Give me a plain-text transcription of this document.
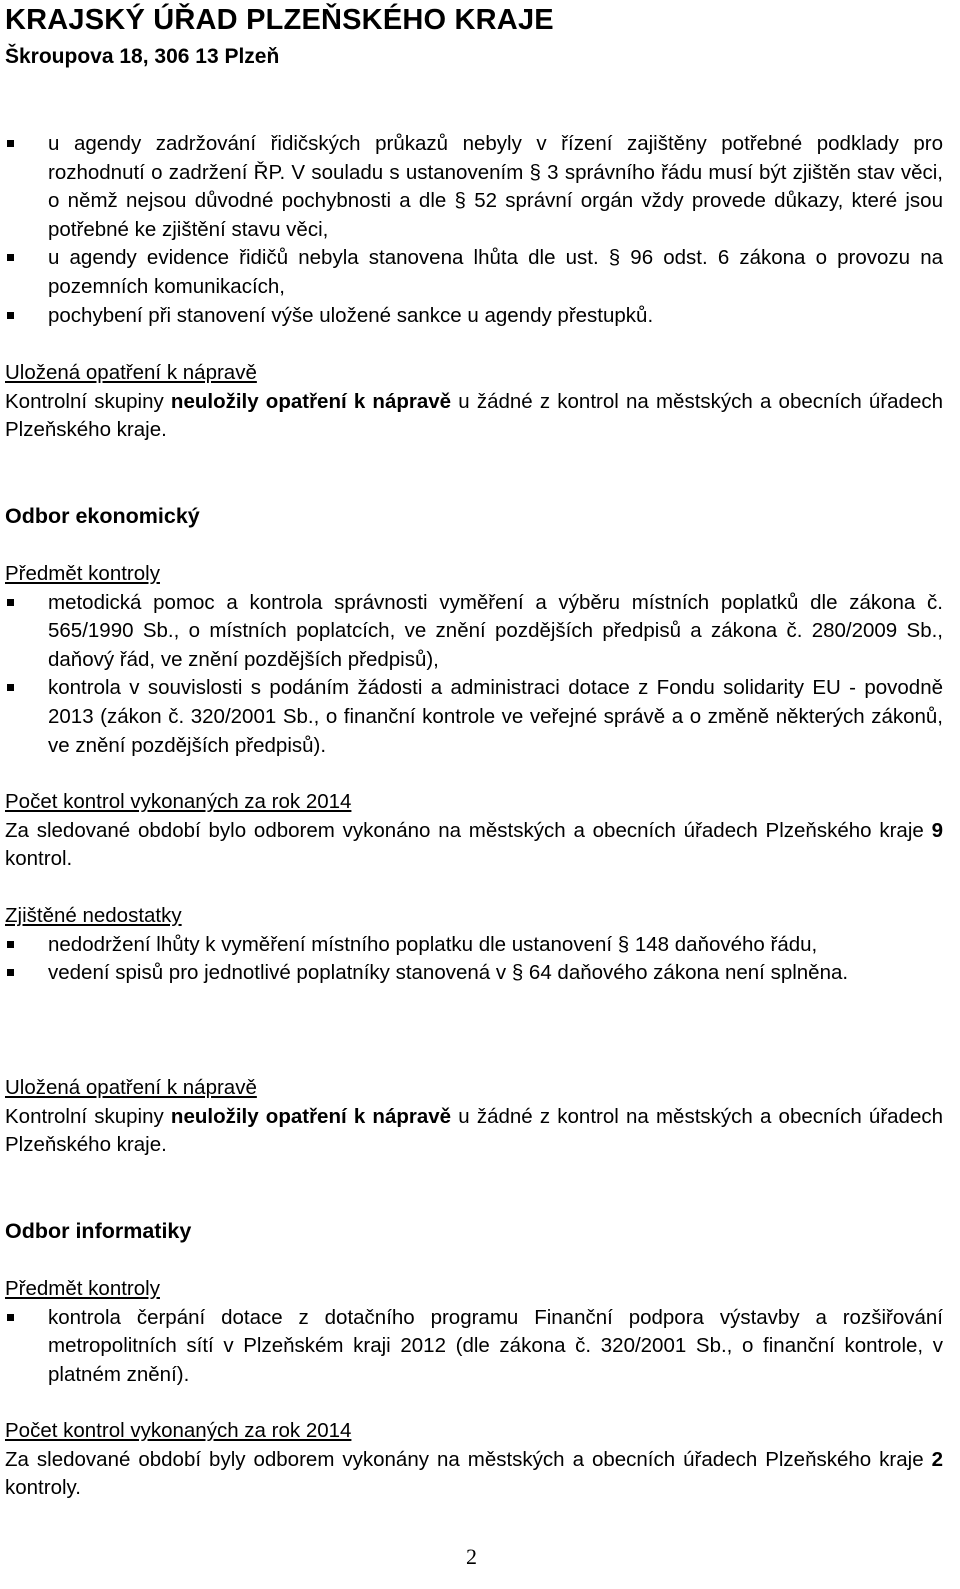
KRAJSKÝ ÚŘAD PLZEŇSKÉHO KRAJE
Škroupova 18, 306 13 Plzeň
u agendy zadržování řidičských průkazů nebyly v řízení zajištěny potřebné podklady pro rozhodnutí o zadržení ŘP. V souladu s ustanovením § 3 správního řádu musí být zjištěn stav věci, o němž nejsou důvodné pochybnosti a dle § 52 správní orgán vždy provede důkazy, které jsou potřebné ke zjištění stavu věci,
u agendy evidence řidičů nebyla stanovena lhůta dle ust. § 96 odst. 6 zákona o provozu na pozemních komunikacích,
pochybení při stanovení výše uložené sankce u agendy přestupků.
Uložená opatření k nápravě
Kontrolní skupiny neuložily opatření k nápravě u žádné z kontrol na městských a obecních úřadech Plzeňského kraje.
Odbor ekonomický
Předmět kontroly
metodická pomoc a kontrola správnosti vyměření a výběru místních poplatků dle zákona č. 565/1990 Sb., o místních poplatcích, ve znění pozdějších předpisů a zákona č. 280/2009 Sb., daňový řád, ve znění pozdějších předpisů),
kontrola v souvislosti s podáním žádosti a administraci dotace z Fondu solidarity EU - povodně 2013 (zákon č. 320/2001 Sb., o finanční kontrole ve veřejné správě a o změně některých zákonů, ve znění pozdějších předpisů).
Počet kontrol vykonaných za rok 2014
Za sledované období bylo odborem vykonáno na městských a obecních úřadech Plzeňského kraje 9 kontrol.
Zjištěné nedostatky
nedodržení lhůty k vyměření místního poplatku dle ustanovení § 148 daňového řádu,
vedení spisů pro jednotlivé poplatníky stanovená v § 64 daňového zákona není splněna.
Uložená opatření k nápravě
Kontrolní skupiny neuložily opatření k nápravě u žádné z kontrol na městských a obecních úřadech Plzeňského kraje.
Odbor informatiky
Předmět kontroly
kontrola čerpání dotace z dotačního programu Finanční podpora výstavby a rozšiřování metropolitních sítí v Plzeňském kraji 2012 (dle zákona č. 320/2001 Sb., o finanční kontrole, v platném znění).
Počet kontrol vykonaných za rok 2014
Za sledované období byly odborem vykonány na městských a obecních úřadech Plzeňského kraje 2 kontroly.
2
